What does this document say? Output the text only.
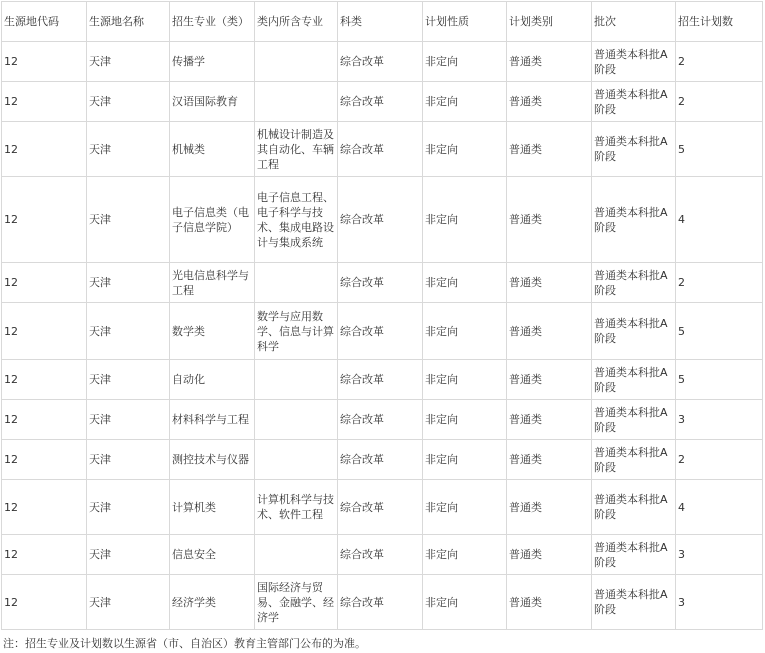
生源地代码	生源地名称	招生专业（类）	类内所含专业	科类	计划性质	计划类别	批次	招生计划数
12	天津	传播学		综合改革	非定向	普通类	普通类本科批A阶段	2
12	天津	汉语国际教育		综合改革	非定向	普通类	普通类本科批A阶段	2
12	天津	机械类	机械设计制造及其自动化、车辆工程	综合改革	非定向	普通类	普通类本科批A阶段	5
12	天津	电子信息类（电子信息学院）	电子信息工程、电子科学与技术、集成电路设计与集成系统	综合改革	非定向	普通类	普通类本科批A阶段	4
12	天津	光电信息科学与工程		综合改革	非定向	普通类	普通类本科批A阶段	2
12	天津	数学类	数学与应用数学、信息与计算科学	综合改革	非定向	普通类	普通类本科批A阶段	5
12	天津	自动化		综合改革	非定向	普通类	普通类本科批A阶段	5
12	天津	材料科学与工程		综合改革	非定向	普通类	普通类本科批A阶段	3
12	天津	测控技术与仪器		综合改革	非定向	普通类	普通类本科批A阶段	2
12	天津	计算机类	计算机科学与技术、软件工程	综合改革	非定向	普通类	普通类本科批A阶段	4
12	天津	信息安全		综合改革	非定向	普通类	普通类本科批A阶段	3
12	天津	经济学类	国际经济与贸易、金融学、经济学	综合改革	非定向	普通类	普通类本科批A阶段	3
注：招生专业及计划数以生源省（市、自治区）教育主管部门公布的为准。
